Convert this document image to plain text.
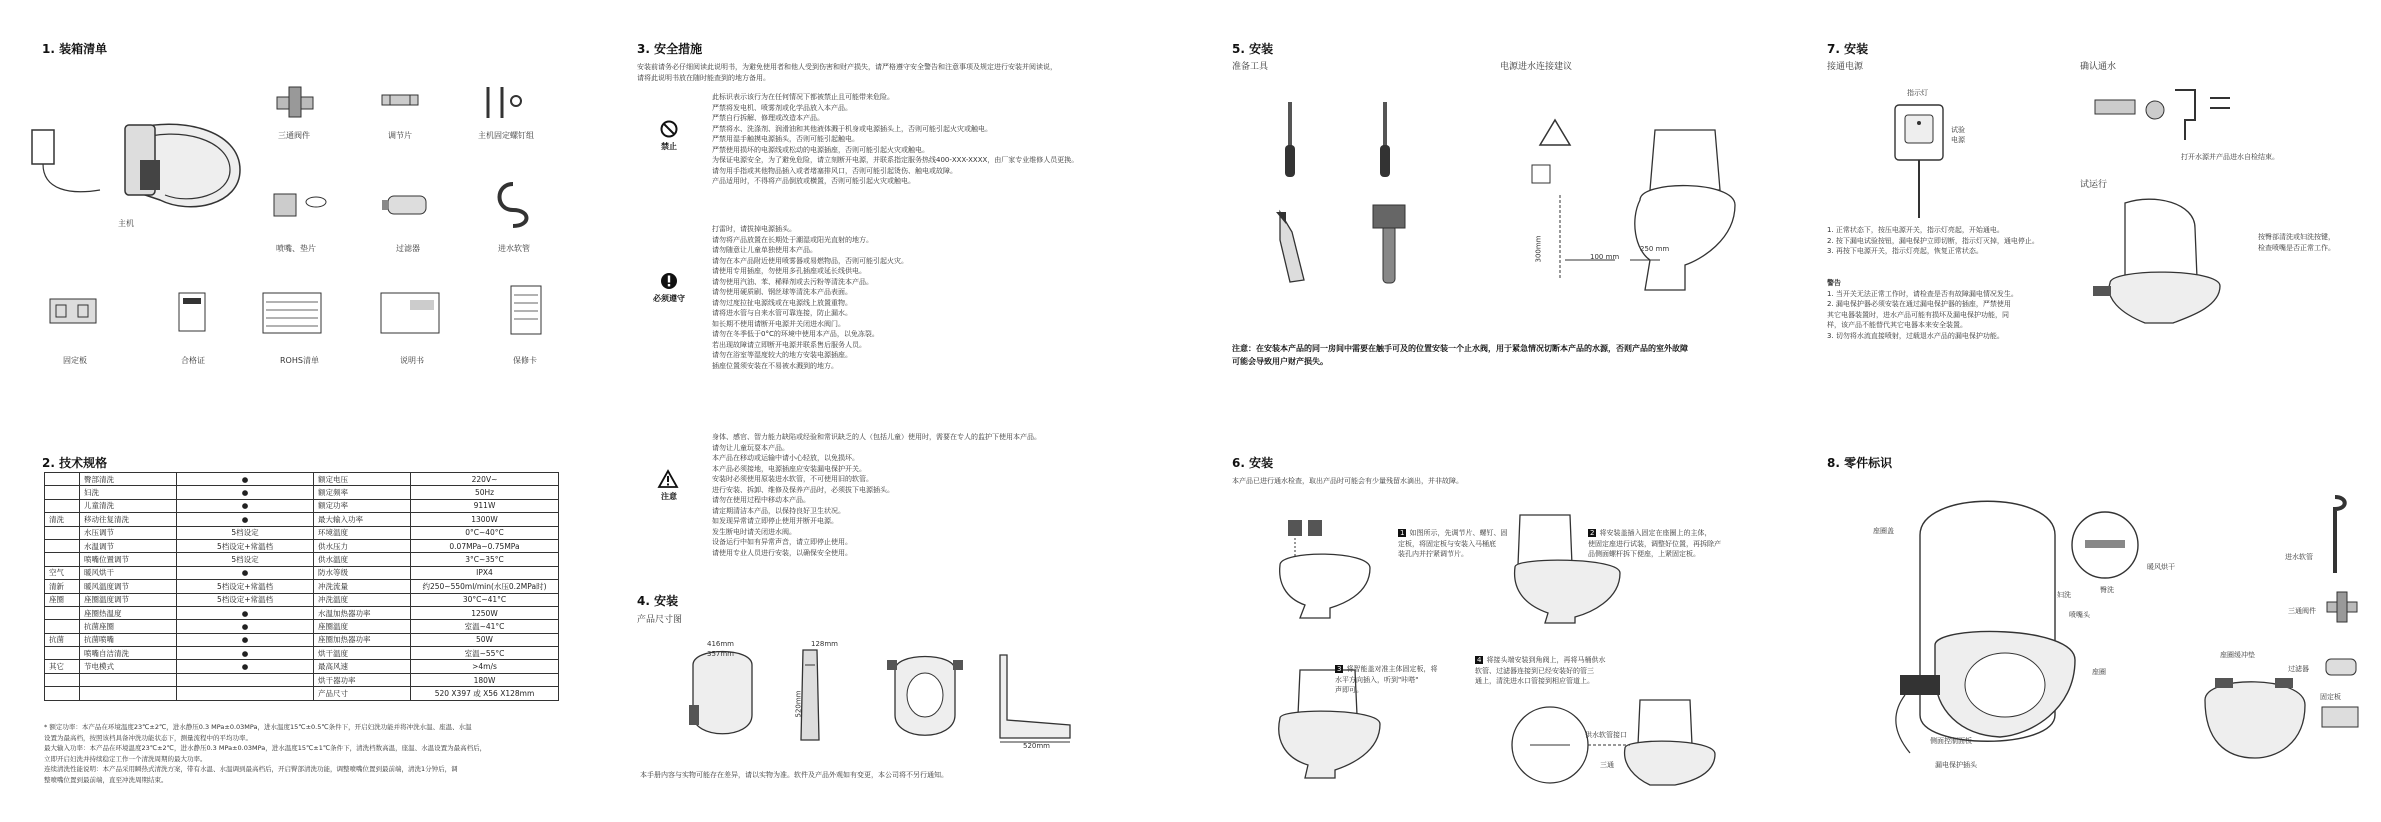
1. 装箱清单
主机
三通阀件	调节片	主机固定螺钉组
喷嘴、垫片	过滤器	进水软管
固定板	合格证	ROHS清单	说明书	保修卡
2. 技术规格
	臀部清洗	●	额定电压	220V~
	妇洗	●	额定频率	50Hz
	儿童清洗	●	额定功率	911W
清洗	移动往复清洗	●	最大输入功率	1300W
	水压调节	5档设定	环境温度	0°C~40°C
	水温调节	5档设定+常温档	供水压力	0.07MPa~0.75MPa
	喷嘴位置调节	5档设定	供水温度	3°C~35°C
空气	暖风烘干	●	防水等级	IPX4
清新	暖风温度调节	5档设定+常温档	冲洗流量	约250~550ml/min(水压0.2MPa时)
座圈	座圈温度调节	5档设定+常温档	冲洗温度	30°C~41°C
	座圈热温度	●	水温加热器功率	1250W
	抗菌座圈	●	座圈温度	室温~41°C
抗菌	抗菌喷嘴	●	座圈加热器功率	50W
	喷嘴自洁清洗	●	烘干温度	室温~55°C
其它	节电模式	●	最高风速	>4m/s
			烘干器功率	180W
			产品尺寸	520 X397 或 X56 X128mm
* 额定功率：本产品在环境温度23℃±2℃，进水静压0.3 MPa±0.03MPa，进水温度15℃±0.5℃条件下，开启妇洗功能并将冲洗水温、座温、水温
设置为最高档，按照该档具备冲洗功能状态下，测量流程中的平均功率。
最大输入功率：本产品在环境温度23℃±2℃，进水静压0.3 MPa±0.03MPa，进水温度15℃±1℃条件下，清洗档数高温，座温、水温设置为最高档后，
立即开启妇洗并持续稳定工作一个清洗周期的最大功率。
连续清洗性能说明：本产品采用瞬热式清洗方案，带有水温、水温调到最高档后，开启臀部清洗功能，调整喷嘴位置到最前端，清洗1分钟后，调
整喷嘴位置到最前端，直至冲洗周期结束。
3. 安全措施
安装前请务必仔细阅读此说明书，为避免使用者和他人受到伤害和财产损失，请严格遵守安全警告和注意事项及规定进行安装并阅读说，
请将此说明书放在随时能查到的地方备用。
禁止
此标识表示该行为在任何情况下都被禁止且可能带来危险。
严禁将发电机、喷雾剂或化学品放入本产品。
严禁自行拆解、修理或改造本产品。
严禁将水、洗涤剂、润滑油和其他液体溅于机身或电源插头上，否则可能引起火灾或触电。
严禁用湿手触摸电源插头，否则可能引起触电。
严禁使用损坏的电源线或松动的电源插座，否则可能引起火灾或触电。
为保证电源安全，为了避免危险，请立刻断开电源，并联系指定服务热线400-XXX-XXXX，由厂家专业维修人员更换。
请勿用手指或其他物品插入或者堵塞排风口，否则可能引起烫伤、触电或故障。
产品适用时，不得将产品倒放或横置，否则可能引起火灾或触电。
必须遵守
打雷时，请拔掉电源插头。
请勿将产品放置在长期处于潮湿或阳光直射的地方。
请勿随意让儿童单独使用本产品。
请勿在本产品附近使用喷雾器或易燃物品，否则可能引起火灾。
请使用专用插座，勿使用多孔插座或延长线供电。
请勿使用汽油、苯、稀释剂或去污粉等清洗本产品。
请勿使用硬质刷、钢丝球等清洗本产品表面。
请勿过度拉扯电源线或在电源线上放置重物。
请将进水管与自来水管可靠连接，防止漏水。
如长期不使用请断开电源并关闭进水阀门。
请勿在冬季低于0°C的环境中使用本产品，以免冻裂。
若出现故障请立即断开电源并联系售后服务人员。
请勿在浴室等湿度较大的地方安装电源插座。
插座位置须安装在不易被水溅到的地方。
注意
身体、感官、智力能力缺陷或经验和常识缺乏的人（包括儿童）使用时，需要在专人的监护下使用本产品。
请勿让儿童玩耍本产品。
本产品在移动或运输中请小心轻放，以免损坏。
本产品必须接地，电源插座应安装漏电保护开关。
安装时必须使用原装进水软管，不可使用旧的软管。
进行安装、拆卸、维修及保养产品时，必须拔下电源插头。
请勿在使用过程中移动本产品。
请定期清洁本产品，以保持良好卫生状况。
如发现异常请立即停止使用并断开电源。
发生断电时请关闭进水阀。
设备运行中如有异常声音，请立即停止使用。
请使用专业人员进行安装，以确保安全使用。
4. 安装
产品尺寸图
416mm
357mm
128mm
520mm
520mm
本手册内容与实物可能存在差异，请以实物为准。软件及产品外观如有变更，本公司将不另行通知。
5. 安装
准备工具	电源进水连接建议
300mm	100 mm
250 mm
注意：在安装本产品的同一房间中需要在触手可及的位置安装一个止水阀，用于紧急情况切断本产品的水源，否则产品的室外故障
可能会导致用户财产损失。
6. 安装
本产品已进行通水检查，取出产品时可能会有少量残留水滴出，并非故障。
1 如图所示，先调节片、螺钉、固
定板，将固定板与安装入马桶底
装孔内并拧紧调节片。
2 将安装盖插入固定在座圈上的主体，
使固定座进行试装，调整好位置，再拆除产
品侧面螺杆拆下便座，上紧固定板。
3 将智能盖对准主体固定板，将
水平方向插入，听到"咔嗒"
声即可。
4 将接头端安装到角阀上，再将马桶供水
软管、过滤器连接到已经安装好的管三
通上，清洗进水口管接到相应管道上。
供水软管接口
三通
7. 安装
接通电源	确认通水
指示灯
试验
电源
打开水源并产品进水自检结束。
试运行
按臀部清洗或妇洗按键，
检查喷嘴是否正常工作。
1. 正常状态下，按压电源开关，指示灯亮起，开始通电。
2. 按下漏电试验按钮，漏电保护立即切断，指示灯灭掉，通电停止。
3. 再按下电源开关，指示灯亮起，恢复正常状态。
警告
1. 当开关无法正常工作时，请检查是否有故障漏电情况发生。
2. 漏电保护器必须安装在通过漏电保护器的插座，严禁使用
其它电器装置时，进水产品可能有损坏及漏电保护功能，同
样，该产品不能替代其它电器本来安全装置。
3. 切勿将水流直接喷射，过载退水产品的漏电保护功能。
8. 零件标识
座圈盖
座圈
侧面控制面板
漏电保护插头
暖风烘干
妇洗
臀洗
喷嘴头
进水软管
三通阀件
座圈缓冲垫
过滤器
固定板
